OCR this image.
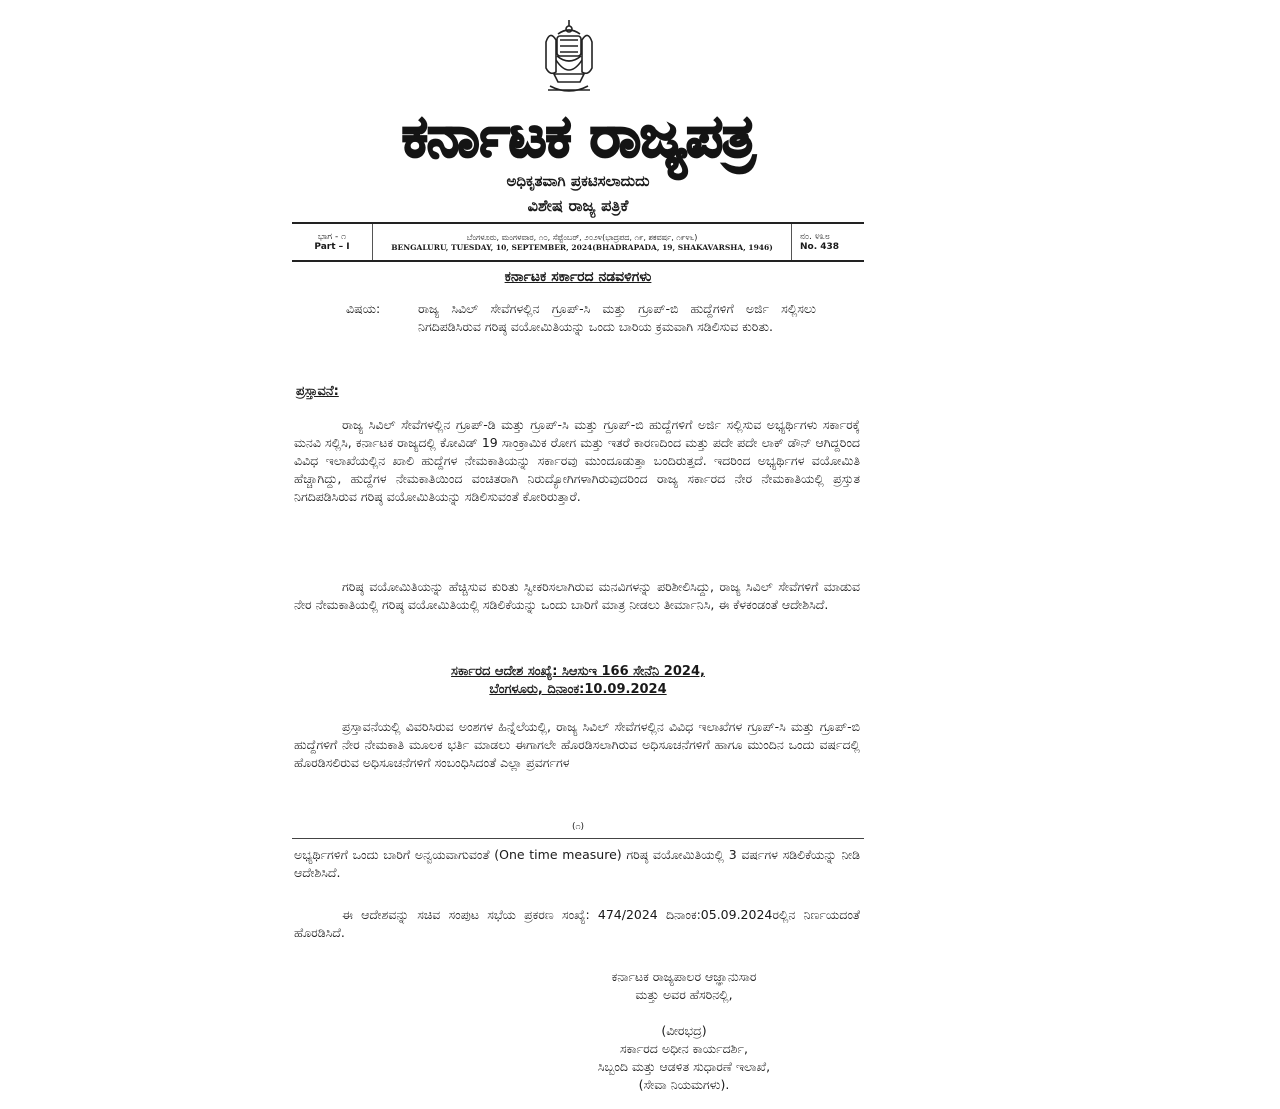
ಕರ್ನಾಟಕ ರಾಜ್ಯಪತ್ರ
ಅಧಿಕೃತವಾಗಿ ಪ್ರಕಟಿಸಲಾದುದು
ವಿಶೇಷ ರಾಜ್ಯ ಪತ್ರಿಕೆ
ಭಾಗ - ೧
Part – I
ಬೆಂಗಳೂರು, ಮಂಗಳವಾರ, ೧೦, ಸೆಪ್ಟೆಂಬರ್, ೨೦೨೪(ಭಾದ್ರಪದ, ೧೯, ಶಕವರ್ಷ, ೧೯೪೬)
BENGALURU, TUESDAY, 10, SEPTEMBER, 2024(BHADRAPADA, 19, SHAKAVARSHA, 1946)
ನಂ. ೪೩೮
No. 438
ಕರ್ನಾಟಕ ಸರ್ಕಾರದ ನಡವಳಿಗಳು
ವಿಷಯ:	ರಾಜ್ಯ ಸಿವಿಲ್ ಸೇವೆಗಳಲ್ಲಿನ ಗ್ರೂಪ್-ಸಿ ಮತ್ತು ಗ್ರೂಪ್-ಬಿ ಹುದ್ದೆಗಳಿಗೆ ಅರ್ಜಿ ಸಲ್ಲಿಸಲು ನಿಗದಿಪಡಿಸಿರುವ ಗರಿಷ್ಠ ವಯೋಮಿತಿಯನ್ನು ಒಂದು ಬಾರಿಯ ಕ್ರಮವಾಗಿ ಸಡಿಲಿಸುವ ಕುರಿತು.
ಪ್ರಸ್ತಾವನೆ:

ರಾಜ್ಯ ಸಿವಿಲ್ ಸೇವೆಗಳಲ್ಲಿನ ಗ್ರೂಪ್-ಡಿ ಮತ್ತು ಗ್ರೂಪ್-ಸಿ ಮತ್ತು ಗ್ರೂಪ್-ಬಿ ಹುದ್ದೆಗಳಿಗೆ ಅರ್ಜಿ ಸಲ್ಲಿಸುವ ಅಭ್ಯರ್ಥಿಗಳು ಸರ್ಕಾರಕ್ಕೆ ಮನವಿ ಸಲ್ಲಿಸಿ, ಕರ್ನಾಟಕ ರಾಜ್ಯದಲ್ಲಿ ಕೋವಿಡ್ 19 ಸಾಂಕ್ರಾಮಿಕ ರೋಗ ಮತ್ತು ಇತರೆ ಕಾರಣದಿಂದ ಮತ್ತು ಪದೇ ಪದೇ ಲಾಕ್ ಡೌನ್ ಆಗಿದ್ದರಿಂದ ವಿವಿಧ ಇಲಾಖೆಯಲ್ಲಿನ ಖಾಲಿ ಹುದ್ದೆಗಳ ನೇಮಕಾತಿಯನ್ನು ಸರ್ಕಾರವು ಮುಂದೂಡುತ್ತಾ ಬಂದಿರುತ್ತದೆ. ಇದರಿಂದ ಅಭ್ಯರ್ಥಿಗಳ ವಯೋಮಿತಿ ಹೆಚ್ಚಾಗಿದ್ದು, ಹುದ್ದೆಗಳ ನೇಮಕಾತಿಯಿಂದ ವಂಚಿತರಾಗಿ ನಿರುದ್ಯೋಗಿಗಳಾಗಿರುವುದರಿಂದ ರಾಜ್ಯ ಸರ್ಕಾರದ ನೇರ ನೇಮಕಾತಿಯಲ್ಲಿ ಪ್ರಸ್ತುತ ನಿಗದಿಪಡಿಸಿರುವ ಗರಿಷ್ಠ ವಯೋಮಿತಿಯನ್ನು ಸಡಿಲಿಸುವಂತೆ ಕೋರಿರುತ್ತಾರೆ.

ಗರಿಷ್ಠ ವಯೋಮಿತಿಯನ್ನು ಹೆಚ್ಚಿಸುವ ಕುರಿತು ಸ್ವೀಕರಿಸಲಾಗಿರುವ ಮನವಿಗಳನ್ನು ಪರಿಶೀಲಿಸಿದ್ದು, ರಾಜ್ಯ ಸಿವಿಲ್ ಸೇವೆಗಳಿಗೆ ಮಾಡುವ ನೇರ ನೇಮಕಾತಿಯಲ್ಲಿ ಗರಿಷ್ಠ ವಯೋಮಿತಿಯಲ್ಲಿ ಸಡಿಲಿಕೆಯನ್ನು ಒಂದು ಬಾರಿಗೆ ಮಾತ್ರ ನೀಡಲು ತೀರ್ಮಾನಿಸಿ, ಈ ಕೆಳಕಂಡಂತೆ ಆದೇಶಿಸಿದೆ.

ಸರ್ಕಾರದ ಆದೇಶ ಸಂಖ್ಯೆ: ಸಿಆಸುಇ 166 ಸೇನೆನಿ 2024,
ಬೆಂಗಳೂರು, ದಿನಾಂಕ:10.09.2024

ಪ್ರಸ್ತಾವನೆಯಲ್ಲಿ ವಿವರಿಸಿರುವ ಅಂಶಗಳ ಹಿನ್ನೆಲೆಯಲ್ಲಿ, ರಾಜ್ಯ ಸಿವಿಲ್ ಸೇವೆಗಳಲ್ಲಿನ ವಿವಿಧ ಇಲಾಖೆಗಳ ಗ್ರೂಪ್-ಸಿ ಮತ್ತು ಗ್ರೂಪ್-ಬಿ ಹುದ್ದೆಗಳಿಗೆ ನೇರ ನೇಮಕಾತಿ ಮೂಲಕ ಭರ್ತಿ ಮಾಡಲು ಈಗಾಗಲೇ ಹೊರಡಿಸಲಾಗಿರುವ ಅಧಿಸೂಚನೆಗಳಿಗೆ ಹಾಗೂ ಮುಂದಿನ ಒಂದು ವರ್ಷದಲ್ಲಿ ಹೊರಡಿಸಲಿರುವ ಅಧಿಸೂಚನೆಗಳಿಗೆ ಸಂಬಂಧಿಸಿದಂತೆ ಎಲ್ಲಾ ಪ್ರವರ್ಗಗಳ

(೧)

ಅಭ್ಯರ್ಥಿಗಳಿಗೆ ಒಂದು ಬಾರಿಗೆ ಅನ್ವಯವಾಗುವಂತೆ (One time measure) ಗರಿಷ್ಠ ವಯೋಮಿತಿಯಲ್ಲಿ 3 ವರ್ಷಗಳ ಸಡಿಲಿಕೆಯನ್ನು ನೀಡಿ ಆದೇಶಿಸಿದೆ.

ಈ ಆದೇಶವನ್ನು ಸಚಿವ ಸಂಪುಟ ಸಭೆಯ ಪ್ರಕರಣ ಸಂಖ್ಯೆ: 474/2024 ದಿನಾಂಕ:05.09.2024ರಲ್ಲಿನ ನಿರ್ಣಯದಂತೆ ಹೊರಡಿಸಿದೆ.

ಕರ್ನಾಟಕ ರಾಜ್ಯಪಾಲರ ಆಜ್ಞಾನುಸಾರ
ಮತ್ತು ಅವರ ಹೆಸರಿನಲ್ಲಿ,
(ವೀರಭದ್ರ)
ಸರ್ಕಾರದ ಅಧೀನ ಕಾರ್ಯದರ್ಶಿ,
ಸಿಬ್ಬಂದಿ ಮತ್ತು ಆಡಳಿತ ಸುಧಾರಣೆ ಇಲಾಖೆ,
(ಸೇವಾ ನಿಯಮಗಳು).
